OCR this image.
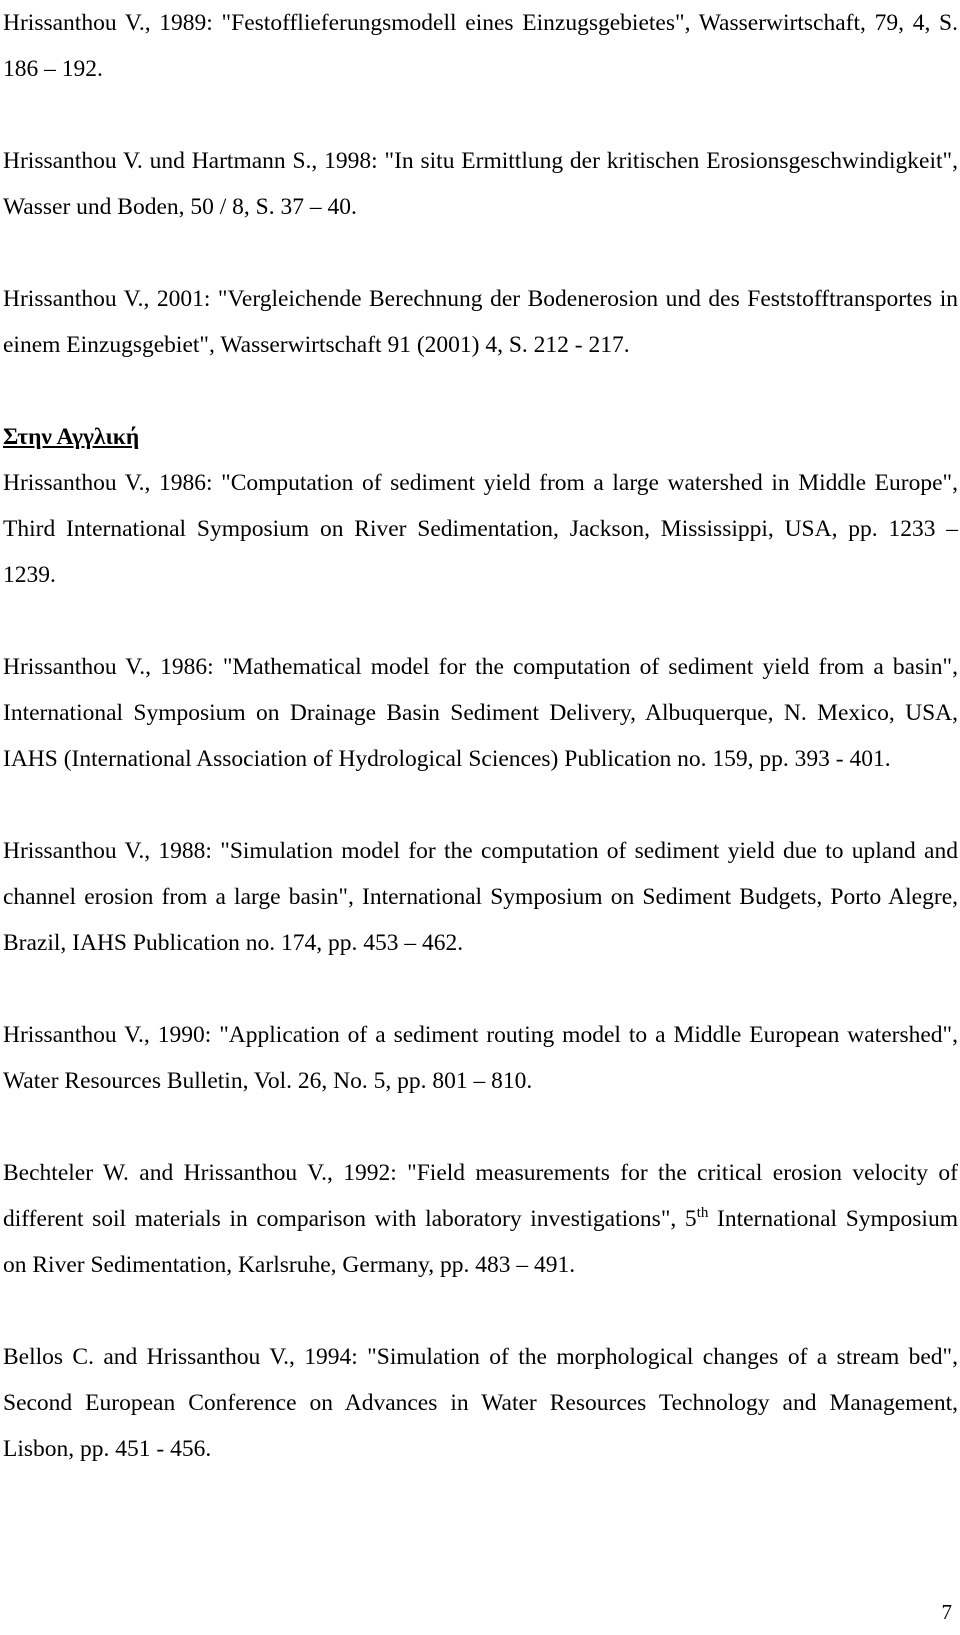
Hrissanthou V., 1989: "Festofflieferungsmodell eines Einzugsgebietes", Wasserwirtschaft, 79, 4, S. 186 – 192.

Hrissanthou V. und Hartmann S., 1998: "In situ Ermittlung der kritischen Erosionsgeschwindigkeit", Wasser und Boden, 50 / 8, S. 37 – 40.

Hrissanthou V., 2001: "Vergleichende Berechnung der Bodenerosion und des Feststofftransportes in einem Einzugsgebiet", Wasserwirtschaft 91 (2001) 4, S. 212 - 217.

Στην Αγγλική

Hrissanthou V., 1986: "Computation of sediment yield from a large watershed in Middle Europe", Third International Symposium on River Sedimentation, Jackson, Mississippi, USA, pp. 1233 – 1239.

Hrissanthou V., 1986: "Mathematical model for the computation of sediment yield from a basin", International Symposium on Drainage Basin Sediment Delivery, Albuquerque, N. Mexico, USA, IAHS (International Association of Hydrological Sciences) Publication no. 159, pp. 393 - 401.

Hrissanthou V., 1988: "Simulation model for the computation of sediment yield due to upland and channel erosion from a large basin", International Symposium on Sediment Budgets, Porto Alegre, Brazil, IAHS Publication no. 174, pp. 453 – 462.

Hrissanthou V., 1990: "Application of a sediment routing model to a Middle European watershed", Water Resources Bulletin, Vol. 26, No. 5, pp. 801 – 810.

Bechteler W. and Hrissanthou V., 1992: "Field measurements for the critical erosion velocity of different soil materials in comparison with laboratory investigations", 5th International Symposium on River Sedimentation, Karlsruhe, Germany, pp. 483 – 491.

Bellos C. and Hrissanthou V., 1994: "Simulation of the morphological changes of a stream bed", Second European Conference on Advances in Water Resources Technology and Management, Lisbon, pp. 451 - 456.

7
